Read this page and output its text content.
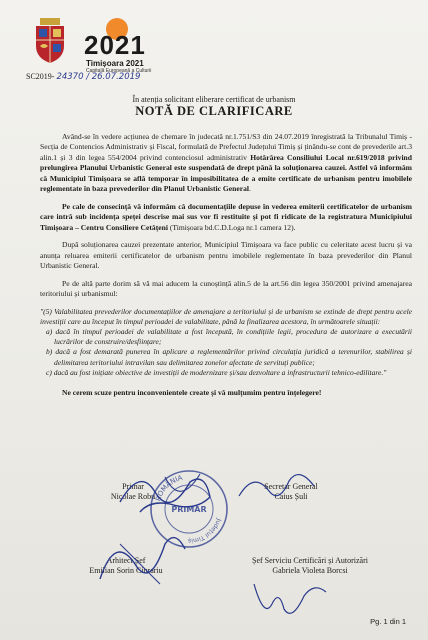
2021
Timișoara 2021
Capitală Europeană a Culturii
SC2019- 24370 / 26.07.2019
În atenția solicitant eliberare certificat de urbanism
NOTĂ DE CLARIFICARE

Având-se în vedere acțiunea de chemare în judecată nr.1.751/S3 din 24.07.2019 înregistrată la Tribunalul Timiș - Secția de Contencios Administrativ și Fiscal, formulată de Prefectul Județului Timiș și ținându-se cont de prevederile art.3 alin.1 și 3 din legea 554/2004 privind contenciosul administrativ Hotărârea Consiliului Local nr.619/2018 privind prelungirea Planului Urbanistic General este suspendată de drept până la soluționarea cauzei. Astfel vă informăm că Municipiul Timișoara se află temporar în imposibilitatea de a emite certificate de urbanism pentru imobilele reglementate în baza prevederilor din Planul Urbanistic General.

Pe cale de consecință vă informăm că documentațiile depuse în vederea emiterii certificatelor de urbanism care intră sub incidența speței descrise mai sus vor fi restituite și pot fi ridicate de la registratura Municipiului Timișoara – Centru Consiliere Cetățeni (Timișoara bd.C.D.Loga nr.1 camera 12).

După soluționarea cauzei prezentate anterior, Municipiul Timișoara va face public cu celeritate acest lucru și va anunța reluarea emiterii certificatelor de urbanism pentru imobilele reglementate în baza prevederilor din Planul Urbanistic General.

Pe de altă parte dorim să vă mai aducem la cunoștință alin.5 de la art.56 din legea 350/2001 privind amenajarea teritoriului și urbanismul:

"(5) Valabilitatea prevederilor documentațiilor de amenajare a teritoriului și de urbanism se extinde de drept pentru acele investiții care au început în timpul perioadei de valabilitate, până la finalizarea acestora, în următoarele situații:

a) dacă în timpul perioadei de valabilitate a fost începută, în condițiile legii, procedura de autorizare a executării lucrărilor de construire/desființare;

b) dacă a fost demarată punerea în aplicare a reglementărilor privind circulația juridică a terenurilor, stabilirea și delimitarea teritoriului intravilan sau delimitarea zonelor afectate de servituți publice;

c) dacă au fost inițiate obiective de investiții de modernizare și/sau dezvoltare a infrastructurii tehnico-edilitare."

Ne cerem scuze pentru inconvenientele create și vă mulțumim pentru înțelegere!

Primar
Nicolae Robu
Secretar General
Caius Șuli
Arhitect Șef
Emilian Sorin Ciurariu
Șef Serviciu Certificări și Autorizări
Gabriela Violeta Borcsi
ROMÂNIA
Județul Timiș
PRIMAR
Pg. 1 din 1
